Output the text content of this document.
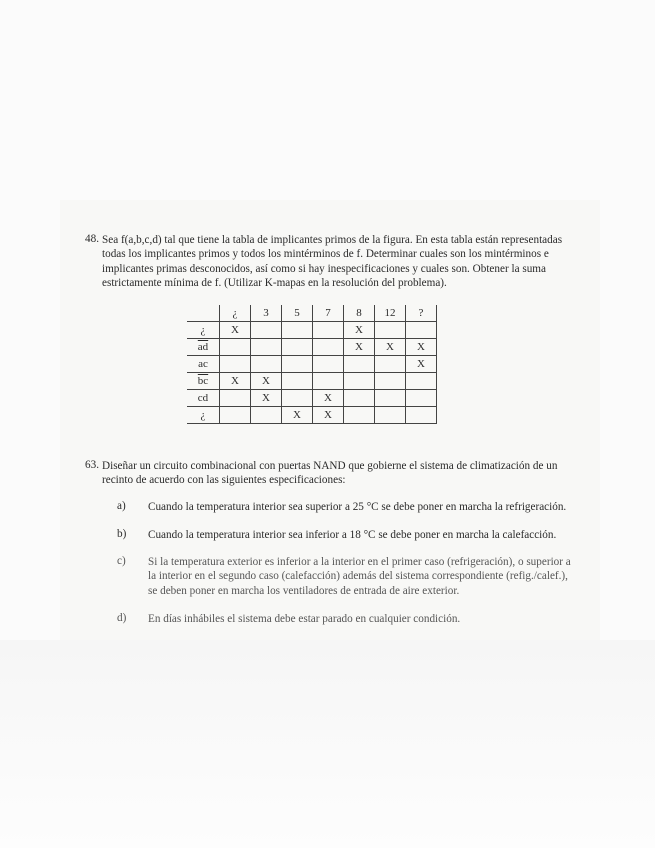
48. Sea f(a,b,c,d) tal que tiene la tabla de implicantes primos de la figura. En esta tabla están representadas
todas los implicantes primos y todos los mintérminos de f. Determinar cuales son los mintérminos e
implicantes primas desconocidos, así como si hay inespecificaciones y cuales son. Obtener la suma
estrictamente mínima de f. (Utilizar K-mapas en la resolución del problema).
	¿	3	5	7	8	12	?
¿	X				X		
$\overline{ad}$					X	X	X
ac							X
$\overline{bc}$	X	X					
cd		X		X			
¿			X	X			
63. Diseñar un circuito combinacional con puertas NAND que gobierne el sistema de climatización de un
recinto de acuerdo con las siguientes especificaciones:
a) Cuando la temperatura interior sea superior a 25 °C se debe poner en marcha la refrigeración.
b) Cuando la temperatura interior sea inferior a 18 °C se debe poner en marcha la calefacción.
c) Si la temperatura exterior es inferior a la interior en el primer caso (refrigeración), o superior a
la interior en el segundo caso (calefacción) además del sistema correspondiente (refig./calef.),
se deben poner en marcha los ventiladores de entrada de aire exterior.
d) En días inhábiles el sistema debe estar parado en cualquier condición.
